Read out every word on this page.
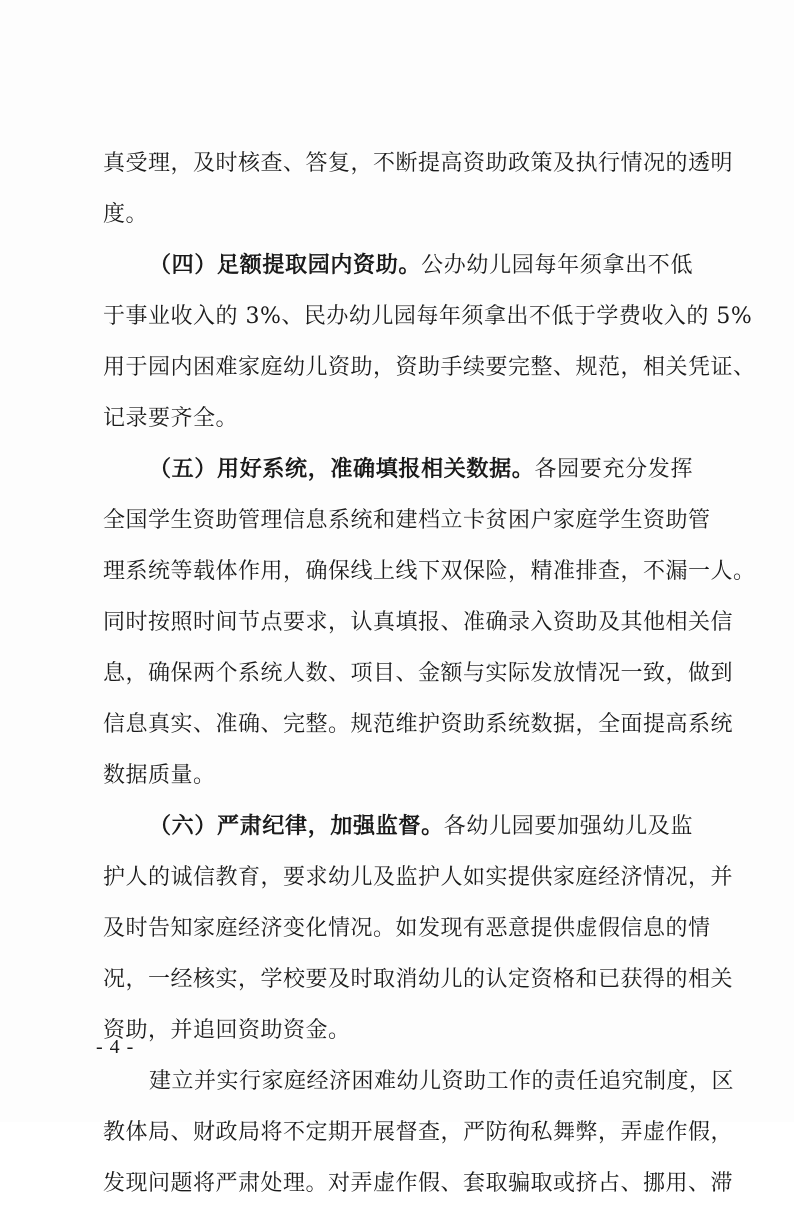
真受理，及时核查、答复，不断提高资助政策及执行情况的透明
度。
（四）足额提取园内资助。公办幼儿园每年须拿出不低
于事业收入的 3%、民办幼儿园每年须拿出不低于学费收入的 5%
用于园内困难家庭幼儿资助，资助手续要完整、规范，相关凭证、
记录要齐全。
（五）用好系统，准确填报相关数据。各园要充分发挥
全国学生资助管理信息系统和建档立卡贫困户家庭学生资助管
理系统等载体作用，确保线上线下双保险，精准排查，不漏一人。
同时按照时间节点要求，认真填报、准确录入资助及其他相关信
息，确保两个系统人数、项目、金额与实际发放情况一致，做到
信息真实、准确、完整。规范维护资助系统数据，全面提高系统
数据质量。
（六）严肃纪律，加强监督。各幼儿园要加强幼儿及监
护人的诚信教育，要求幼儿及监护人如实提供家庭经济情况，并
及时告知家庭经济变化情况。如发现有恶意提供虚假信息的情
况，一经核实，学校要及时取消幼儿的认定资格和已获得的相关
资助，并追回资助资金。
建立并实行家庭经济困难幼儿资助工作的责任追究制度，区
教体局、财政局将不定期开展督查，严防徇私舞弊，弄虚作假，
发现问题将严肃处理。对弄虚作假、套取骗取或挤占、挪用、滞
- 4 -
